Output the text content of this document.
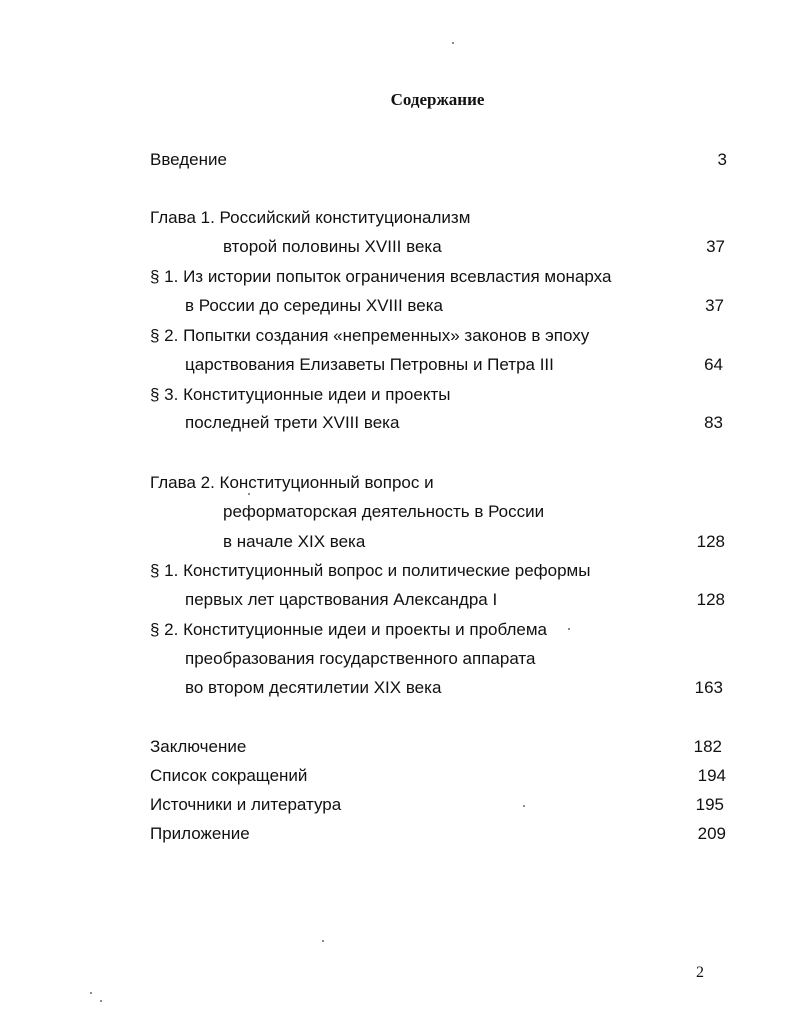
Содержание
Введение	3
Глава 1. Российский конституционализм
второй половины XVIII века	37
§ 1. Из истории попыток ограничения всевластия монарха
в России до середины XVIII века	37
§ 2. Попытки создания «непременных» законов в эпоху
царствования Елизаветы Петровны и Петра III	64
§ 3. Конституционные идеи и проекты
последней трети XVIII века	83
Глава 2. Конституционный вопрос и
реформаторская деятельность в России
в начале XIX века	128
§ 1. Конституционный вопрос и политические реформы
первых лет царствования Александра I	128
§ 2. Конституционные идеи и проекты и проблема
преобразования государственного аппарата
во втором десятилетии XIX века	163
Заключение	182
Список сокращений	194
Источники и литература	195
Приложение	209
2
